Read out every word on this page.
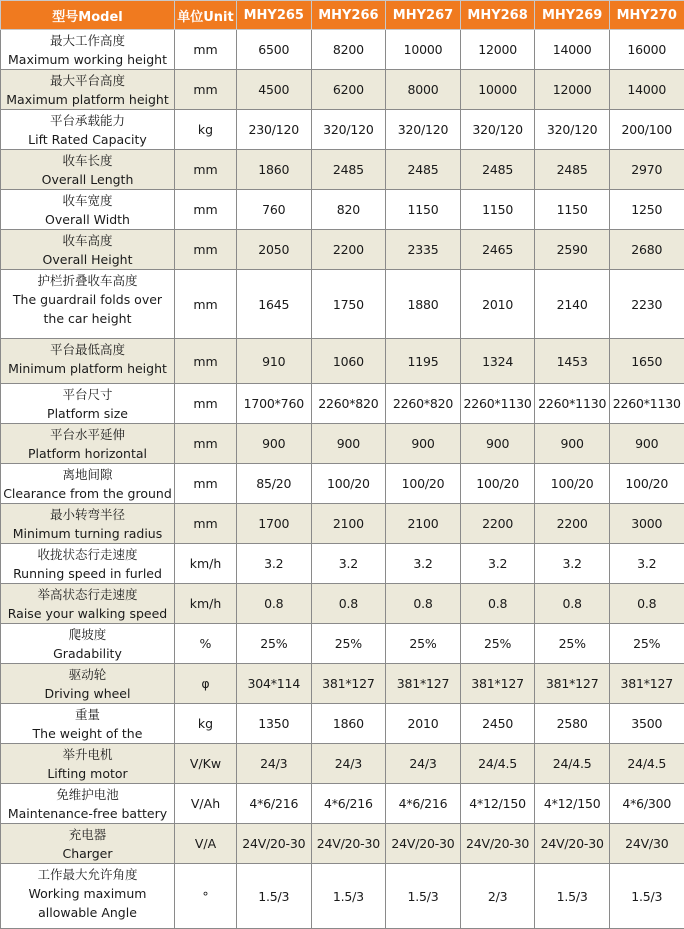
型号Model	单位Unit	MHY265	MHY266	MHY267	MHY268	MHY269	MHY270

最大工作高度
Maximum working height	mm	6500	8200	10000	12000	14000	16000

最大平台高度
Maximum platform height	mm	4500	6200	8000	10000	12000	14000

平台承载能力
Lift Rated Capacity	kg	230/120	320/120	320/120	320/120	320/120	200/100

收车长度
Overall Length	mm	1860	2485	2485	2485	2485	2970

收车宽度
Overall Width	mm	760	820	1150	1150	1150	1250

收车高度
Overall Height	mm	2050	2200	2335	2465	2590	2680

护栏折叠收车高度
The guardrail folds over the car height	mm	1645	1750	1880	2010	2140	2230

平台最低高度
Minimum platform height	mm	910	1060	1195	1324	1453	1650

平台尺寸
Platform size	mm	1700*760	2260*820	2260*820	2260*1130	2260*1130	2260*1130

平台水平延伸
Platform horizontal	mm	900	900	900	900	900	900

离地间隙
Clearance from the ground	mm	85/20	100/20	100/20	100/20	100/20	100/20

最小转弯半径
Minimum turning radius	mm	1700	2100	2100	2200	2200	3000

收拢状态行走速度
Running speed in furled	km/h	3.2	3.2	3.2	3.2	3.2	3.2

举高状态行走速度
Raise your walking speed	km/h	0.8	0.8	0.8	0.8	0.8	0.8

爬坡度
Gradability	%	25%	25%	25%	25%	25%	25%

驱动轮
Driving wheel	φ	304*114	381*127	381*127	381*127	381*127	381*127

重量
The weight of the	kg	1350	1860	2010	2450	2580	3500

举升电机
Lifting motor	V/Kw	24/3	24/3	24/3	24/4.5	24/4.5	24/4.5

免维护电池
Maintenance-free battery	V/Ah	4*6/216	4*6/216	4*6/216	4*12/150	4*12/150	4*6/300

充电器
Charger	V/A	24V/20-30	24V/20-30	24V/20-30	24V/20-30	24V/20-30	24V/30

工作最大允许角度
Working maximum allowable Angle	°	1.5/3	1.5/3	1.5/3	2/3	1.5/3	1.5/3
